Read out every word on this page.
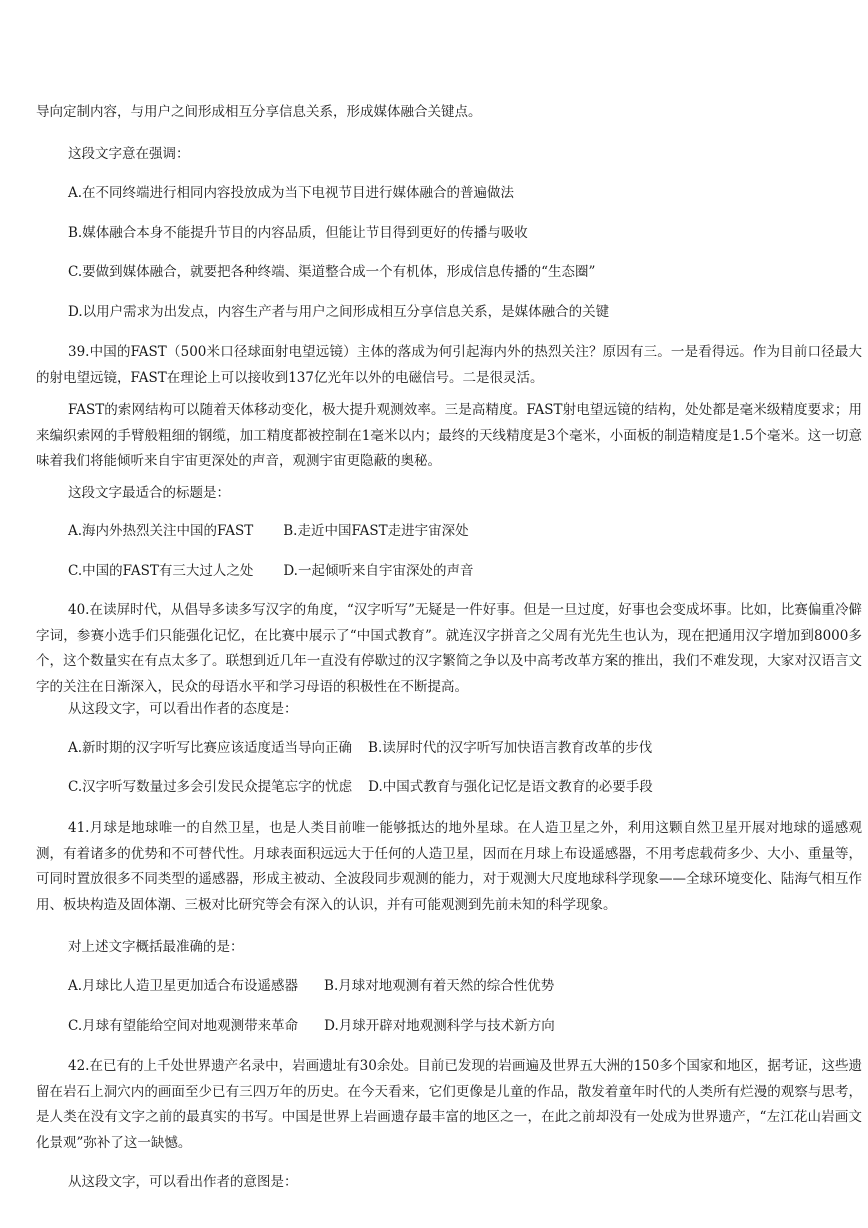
导向定制内容，与用户之间形成相互分享信息关系，形成媒体融合关键点。
这段文字意在强调：
A.在不同终端进行相同内容投放成为当下电视节目进行媒体融合的普遍做法
B.媒体融合本身不能提升节目的内容品质，但能让节目得到更好的传播与吸收
C.要做到媒体融合，就要把各种终端、渠道整合成一个有机体，形成信息传播的“生态圈”
D.以用户需求为出发点，内容生产者与用户之间形成相互分享信息关系，是媒体融合的关键
39.中国的FAST（500米口径球面射电望远镜）主体的落成为何引起海内外的热烈关注？原因有三。一是看得远。作为目前口径最大的射电望远镜，FAST在理论上可以接收到137亿光年以外的电磁信号。二是很灵活。
FAST的索网结构可以随着天体移动变化，极大提升观测效率。三是高精度。FAST射电望远镜的结构，处处都是毫米级精度要求；用来编织索网的手臂般粗细的钢缆，加工精度都被控制在1毫米以内；最终的天线精度是3个毫米，小面板的制造精度是1.5个毫米。这一切意味着我们将能倾听来自宇宙更深处的声音，观测宇宙更隐蔽的奥秘。
这段文字最适合的标题是：
A.海内外热烈关注中国的FAST B.走近中国FAST走进宇宙深处
C.中国的FAST有三大过人之处 D.一起倾听来自宇宙深处的声音
40.在读屏时代，从倡导多读多写汉字的角度，“汉字听写”无疑是一件好事。但是一旦过度，好事也会变成坏事。比如，比赛偏重冷僻字词，参赛小选手们只能强化记忆，在比赛中展示了“中国式教育”。就连汉字拼音之父周有光先生也认为，现在把通用汉字增加到8000多个，这个数量实在有点太多了。联想到近几年一直没有停歇过的汉字繁简之争以及中高考改革方案的推出，我们不难发现，大家对汉语言文字的关注在日渐深入，民众的母语水平和学习母语的积极性在不断提高。
从这段文字，可以看出作者的态度是：
A.新时期的汉字听写比赛应该适度适当导向正确 B.读屏时代的汉字听写加快语言教育改革的步伐
C.汉字听写数量过多会引发民众提笔忘字的忧虑 D.中国式教育与强化记忆是语文教育的必要手段
41.月球是地球唯一的自然卫星，也是人类目前唯一能够抵达的地外星球。在人造卫星之外，利用这颗自然卫星开展对地球的遥感观测，有着诸多的优势和不可替代性。月球表面积远远大于任何的人造卫星，因而在月球上布设遥感器，不用考虑载荷多少、大小、重量等，可同时置放很多不同类型的遥感器，形成主被动、全波段同步观测的能力，对于观测大尺度地球科学现象——全球环境变化、陆海气相互作用、板块构造及固体潮、三极对比研究等会有深入的认识，并有可能观测到先前未知的科学现象。
对上述文字概括最准确的是：
A.月球比人造卫星更加适合布设遥感器 B.月球对地观测有着天然的综合性优势
C.月球有望能给空间对地观测带来革命 D.月球开辟对地观测科学与技术新方向
42.在已有的上千处世界遗产名录中，岩画遗址有30余处。目前已发现的岩画遍及世界五大洲的150多个国家和地区，据考证，这些遗留在岩石上洞穴内的画面至少已有三四万年的历史。在今天看来，它们更像是儿童的作品，散发着童年时代的人类所有烂漫的观察与思考，是人类在没有文字之前的最真实的书写。中国是世界上岩画遗存最丰富的地区之一，在此之前却没有一处成为世界遗产，“左江花山岩画文化景观”弥补了这一缺憾。
从这段文字，可以看出作者的意图是：
